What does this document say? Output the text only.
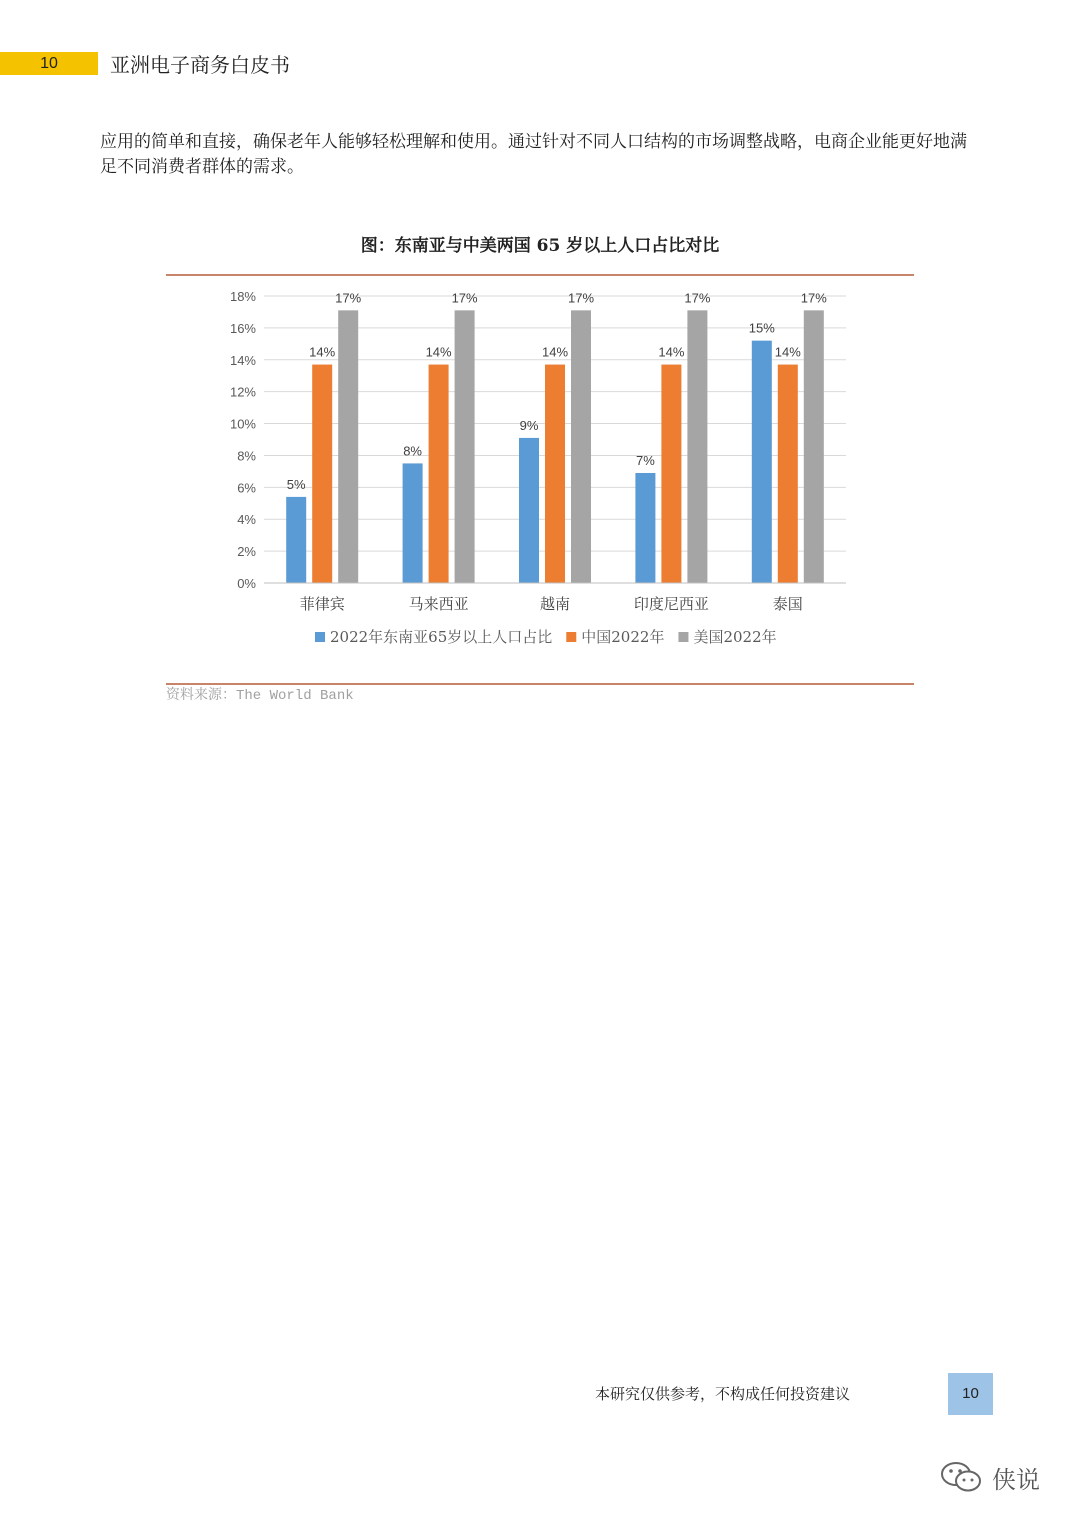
10	亚洲电子商务白皮书
应用的简单和直接，确保老年人能够轻松理解和使用。通过针对不同人口结构的市场调整战略，电商企业能更好地满足不同消费者群体的需求。
图：东南亚与中美两国 65 岁以上人口占比对比
0%
2%
4%
6%
8%
10%
12%
14%
16%
18%
5%
14%
17%
菲律宾
8%
14%
17%
马来西亚
9%
14%
17%
越南
7%
14%
17%
印度尼西亚
15%
14%
17%
泰国
2022年东南亚65岁以上人口占比 中国2022年 美国2022年
资料来源：The World Bank
本研究仅供参考，不构成任何投资建议	10
侠说
